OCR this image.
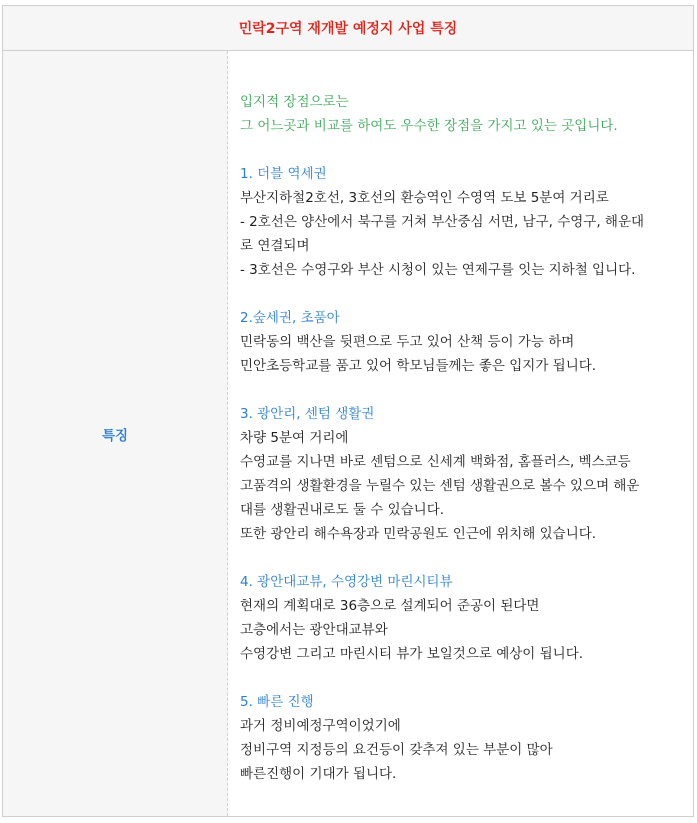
민락2구역 재개발 예정지 사업 특징
특징
입지적 장점으로는
그 어느곳과 비교를 하여도 우수한 장점을 가지고 있는 곳입니다.
1. 더블 역세권
부산지하철2호선, 3호선의 환승역인 수영역 도보 5분여 거리로
- 2호선은 양산에서 북구를 거쳐 부산중심 서면, 남구, 수영구, 해운대
로 연결되며
- 3호선은 수영구와 부산 시청이 있는 연제구를 잇는 지하철 입니다.
2.숲세권, 초품아
민락동의 백산을 뒷편으로 두고 있어 산책 등이 가능 하며
민안초등학교를 품고 있어 학모님들께는 좋은 입지가 됩니다.
3. 광안리, 센텀 생활권
차량 5분여 거리에
수영교를 지나면 바로 센텀으로 신세계 백화점, 홈플러스, 벡스코등
고품격의 생활환경을 누릴수 있는 센텀 생활권으로 볼수 있으며 해운
대를 생활권내로도 둘 수 있습니다.
또한 광안리 해수욕장과 민락공원도 인근에 위치해 있습니다.
4. 광안대교뷰, 수영강변 마린시티뷰
현재의 계획대로 36층으로 설계되어 준공이 된다면
고층에서는 광안대교뷰와
수영강변 그리고 마린시티 뷰가 보일것으로 예상이 됩니다.
5. 빠른 진행
과거 정비예정구역이었기에
정비구역 지정등의 요건등이 갖추져 있는 부분이 많아
빠른진행이 기대가 됩니다.
